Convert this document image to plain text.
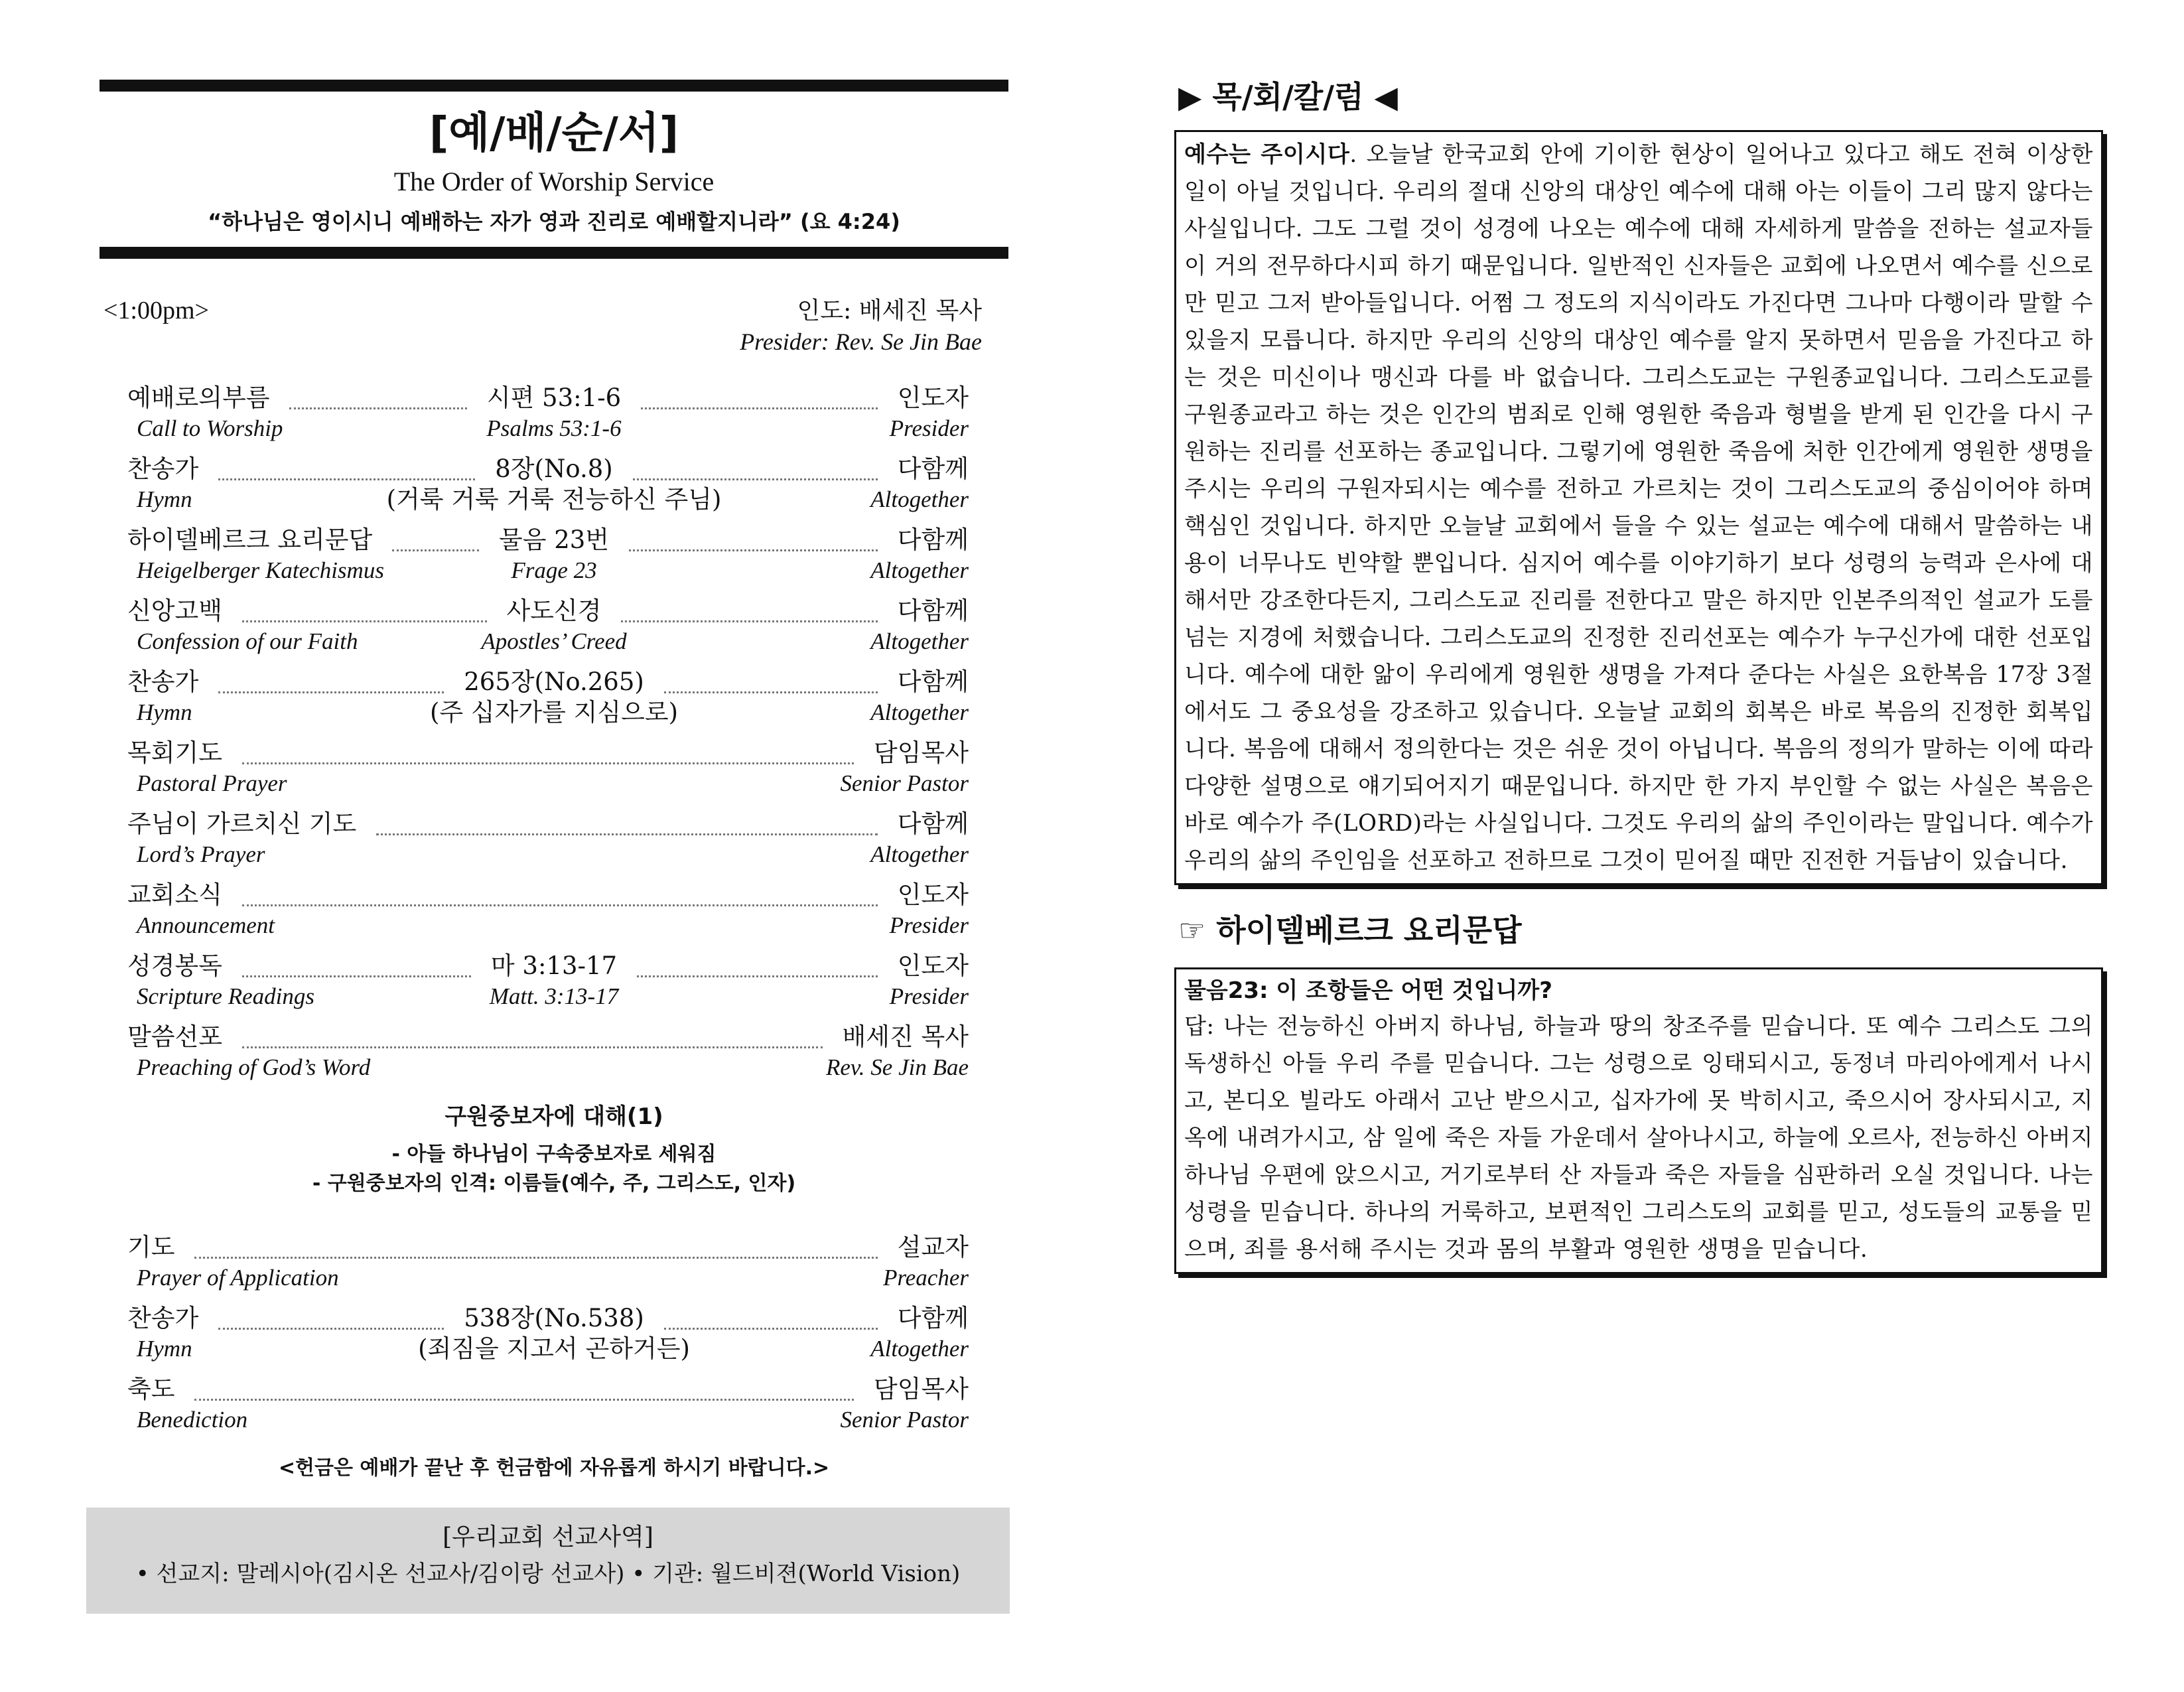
[예/배/순/서]
The Order of Worship Service
“하나님은 영이시니 예배하는 자가 영과 진리로 예배할지니라” (요 4:24)
<1:00pm>	인도: 배세진 목사
Presider: Rev. Se Jin Bae
예배로의부름
Call to Worship
시편 53:1-6
Psalms 53:1-6
인도자
Presider
찬송가
Hymn
8장(No.8)
(거룩 거룩 거룩 전능하신 주님)
다함께
Altogether
하이델베르크 요리문답
Heigelberger Katechismus
물음 23번
Frage 23
다함께
Altogether
신앙고백
Confession of our Faith
사도신경
Apostles’ Creed
다함께
Altogether
찬송가
Hymn
265장(No.265)
(주 십자가를 지심으로)
다함께
Altogether
목회기도
Pastoral Prayer
담임목사
Senior Pastor
주님이 가르치신 기도
Lord’s Prayer
다함께
Altogether
교회소식
Announcement
인도자
Presider
성경봉독
Scripture Readings
마 3:13-17
Matt. 3:13-17
인도자
Presider
말씀선포
Preaching of God’s Word
배세진 목사
Rev. Se Jin Bae
구원중보자에 대해(1)
- 아들 하나님이 구속중보자로 세워짐
- 구원중보자의 인격: 이름들(예수, 주, 그리스도, 인자)
기도
Prayer of Application
설교자
Preacher
찬송가
Hymn
538장(No.538)
(죄짐을 지고서 곤하거든)
다함께
Altogether
축도
Benediction
담임목사
Senior Pastor
<헌금은 예배가 끝난 후 헌금함에 자유롭게 하시기 바랍니다.>
[우리교회 선교사역]
• 선교지: 말레시아(김시온 선교사/김이랑 선교사) • 기관: 월드비젼(World Vision)
▶ 목/회/칼/럼 ◀

예수는 주이시다. 오늘날 한국교회 안에 기이한 현상이 일어나고 있다고 해도 전혀 이상한 일이 아닐 것입니다. 우리의 절대 신앙의 대상인 예수에 대해 아는 이들이 그리 많지 않다는 사실입니다. 그도 그럴 것이 성경에 나오는 예수에 대해 자세하게 말씀을 전하는 설교자들이 거의 전무하다시피 하기 때문입니다. 일반적인 신자들은 교회에 나오면서 예수를 신으로만 믿고 그저 받아들입니다. 어쩜 그 정도의 지식이라도 가진다면 그나마 다행이라 말할 수 있을지 모릅니다. 하지만 우리의 신앙의 대상인 예수를 알지 못하면서 믿음을 가진다고 하는 것은 미신이나 맹신과 다를 바 없습니다. 그리스도교는 구원종교입니다. 그리스도교를 구원종교라고 하는 것은 인간의 범죄로 인해 영원한 죽음과 형벌을 받게 된 인간을 다시 구원하는 진리를 선포하는 종교입니다. 그렇기에 영원한 죽음에 처한 인간에게 영원한 생명을 주시는 우리의 구원자되시는 예수를 전하고 가르치는 것이 그리스도교의 중심이어야 하며 핵심인 것입니다. 하지만 오늘날 교회에서 들을 수 있는 설교는 예수에 대해서 말씀하는 내용이 너무나도 빈약할 뿐입니다. 심지어 예수를 이야기하기 보다 성령의 능력과 은사에 대해서만 강조한다든지, 그리스도교 진리를 전한다고 말은 하지만 인본주의적인 설교가 도를 넘는 지경에 처했습니다. 그리스도교의 진정한 진리선포는 예수가 누구신가에 대한 선포입니다. 예수에 대한 앎이 우리에게 영원한 생명을 가져다 준다는 사실은 요한복음 17장 3절에서도 그 중요성을 강조하고 있습니다. 오늘날 교회의 회복은 바로 복음의 진정한 회복입니다. 복음에 대해서 정의한다는 것은 쉬운 것이 아닙니다. 복음의 정의가 말하는 이에 따라 다양한 설명으로 얘기되어지기 때문입니다. 하지만 한 가지 부인할 수 없는 사실은 복음은 바로 예수가 주(LORD)라는 사실입니다. 그것도 우리의 삶의 주인이라는 말입니다. 예수가 우리의 삶의 주인임을 선포하고 전하므로 그것이 믿어질 때만 진전한 거듭남이 있습니다.

☞ 하이델베르크 요리문답
물음23: 이 조항들은 어떤 것입니까?

답: 나는 전능하신 아버지 하나님, 하늘과 땅의 창조주를 믿습니다. 또 예수 그리스도 그의 독생하신 아들 우리 주를 믿습니다. 그는 성령으로 잉태되시고, 동정녀 마리아에게서 나시고, 본디오 빌라도 아래서 고난 받으시고, 십자가에 못 박히시고, 죽으시어 장사되시고, 지옥에 내려가시고, 삼 일에 죽은 자들 가운데서 살아나시고, 하늘에 오르사, 전능하신 아버지 하나님 우편에 앉으시고, 거기로부터 산 자들과 죽은 자들을 심판하러 오실 것입니다. 나는 성령을 믿습니다. 하나의 거룩하고, 보편적인 그리스도의 교회를 믿고, 성도들의 교통을 믿으며, 죄를 용서해 주시는 것과 몸의 부활과 영원한 생명을 믿습니다.
